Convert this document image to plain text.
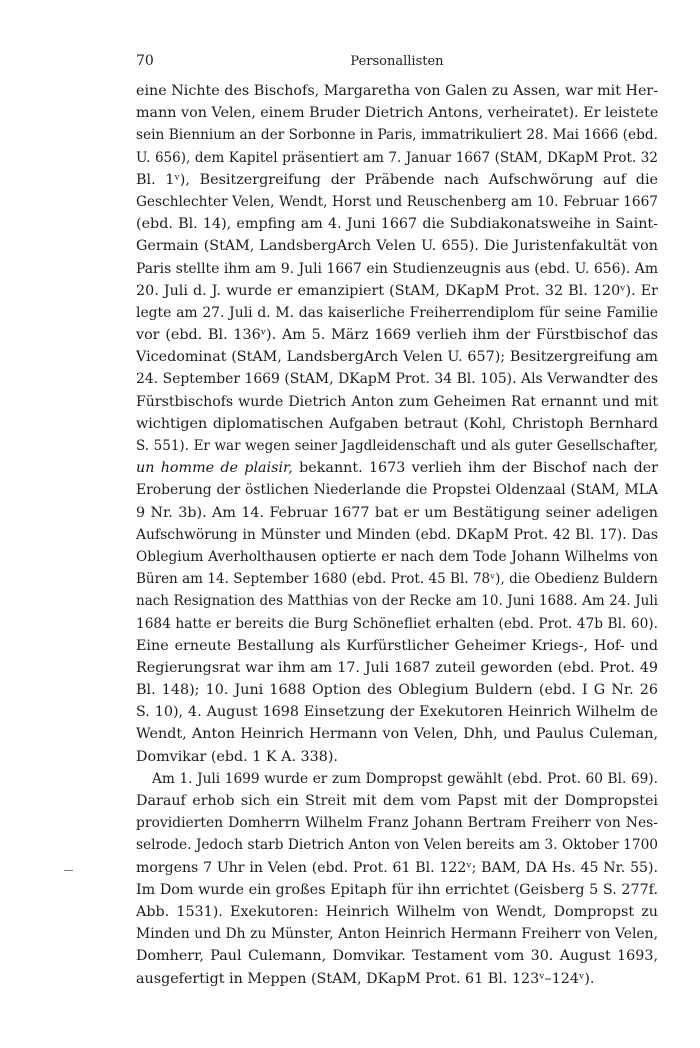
70	Personallisten
eine Nichte des Bischofs, Margaretha von Galen zu Assen, war mit Her-
mann von Velen, einem Bruder Dietrich Antons, verheiratet). Er leistete
sein Biennium an der Sorbonne in Paris, immatrikuliert 28. Mai 1666 (ebd.
U. 656), dem Kapitel präsentiert am 7. Januar 1667 (StAM, DKapM Prot. 32
Bl. 1ᵛ), Besitzergreifung der Präbende nach Aufschwörung auf die
Geschlechter Velen, Wendt, Horst und Reuschenberg am 10. Februar 1667
(ebd. Bl. 14), empfing am 4. Juni 1667 die Subdiakonatsweihe in Saint-
Germain (StAM, LandsbergArch Velen U. 655). Die Juristenfakultät von
Paris stellte ihm am 9. Juli 1667 ein Studienzeugnis aus (ebd. U. 656). Am
20. Juli d. J. wurde er emanzipiert (StAM, DKapM Prot. 32 Bl. 120ᵛ). Er
legte am 27. Juli d. M. das kaiserliche Freiherrendiplom für seine Familie
vor (ebd. Bl. 136ᵛ). Am 5. März 1669 verlieh ihm der Fürstbischof das
Vicedominat (StAM, LandsbergArch Velen U. 657); Besitzergreifung am
24. September 1669 (StAM, DKapM Prot. 34 Bl. 105). Als Verwandter des
Fürstbischofs wurde Dietrich Anton zum Geheimen Rat ernannt und mit
wichtigen diplomatischen Aufgaben betraut (Kohl, Christoph Bernhard
S. 551). Er war wegen seiner Jagdleidenschaft und als guter Gesellschafter,
un homme de plaisir, bekannt. 1673 verlieh ihm der Bischof nach der
Eroberung der östlichen Niederlande die Propstei Oldenzaal (StAM, MLA
9 Nr. 3b). Am 14. Februar 1677 bat er um Bestätigung seiner adeligen
Aufschwörung in Münster und Minden (ebd. DKapM Prot. 42 Bl. 17). Das
Oblegium Averholthausen optierte er nach dem Tode Johann Wilhelms von
Büren am 14. September 1680 (ebd. Prot. 45 Bl. 78ᵛ), die Obedienz Buldern
nach Resignation des Matthias von der Recke am 10. Juni 1688. Am 24. Juli
1684 hatte er bereits die Burg Schönefliet erhalten (ebd. Prot. 47b Bl. 60).
Eine erneute Bestallung als Kurfürstlicher Geheimer Kriegs-, Hof- und
Regierungsrat war ihm am 17. Juli 1687 zuteil geworden (ebd. Prot. 49
Bl. 148); 10. Juni 1688 Option des Oblegium Buldern (ebd. I G Nr. 26
S. 10), 4. August 1698 Einsetzung der Exekutoren Heinrich Wilhelm de
Wendt, Anton Heinrich Hermann von Velen, Dhh, und Paulus Culeman,
Domvikar (ebd. 1 K A. 338).
Am 1. Juli 1699 wurde er zum Dompropst gewählt (ebd. Prot. 60 Bl. 69).
Darauf erhob sich ein Streit mit dem vom Papst mit der Dompropstei
providierten Domherrn Wilhelm Franz Johann Bertram Freiherr von Nes-
selrode. Jedoch starb Dietrich Anton von Velen bereits am 3. Oktober 1700
morgens 7 Uhr in Velen (ebd. Prot. 61 Bl. 122ᵛ; BAM, DA Hs. 45 Nr. 55).
Im Dom wurde ein großes Epitaph für ihn errichtet (Geisberg 5 S. 277f.
Abb. 1531). Exekutoren: Heinrich Wilhelm von Wendt, Dompropst zu
Minden und Dh zu Münster, Anton Heinrich Hermann Freiherr von Velen,
Domherr, Paul Culemann, Domvikar. Testament vom 30. August 1693,
ausgefertigt in Meppen (StAM, DKapM Prot. 61 Bl. 123ᵛ–124ᵛ).
